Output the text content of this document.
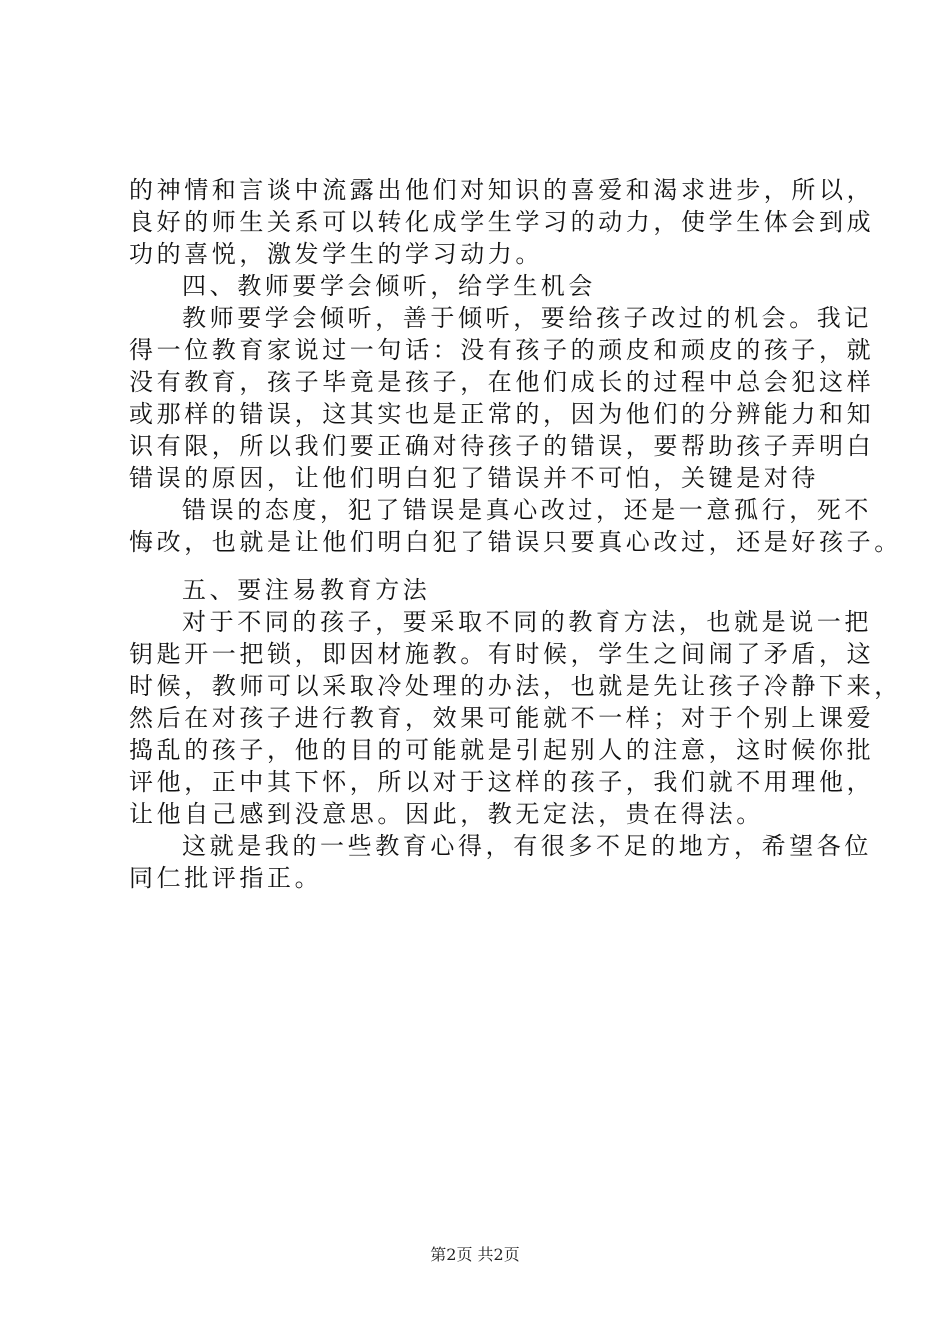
的神情和言谈中流露出他们对知识的喜爱和渴求进步，所以，
良好的师生关系可以转化成学生学习的动力，使学生体会到成
功的喜悦，激发学生的学习动力。
四、教师要学会倾听，给学生机会
教师要学会倾听，善于倾听，要给孩子改过的机会。我记
得一位教育家说过一句话：没有孩子的顽皮和顽皮的孩子，就
没有教育，孩子毕竟是孩子，在他们成长的过程中总会犯这样
或那样的错误，这其实也是正常的，因为他们的分辨能力和知
识有限，所以我们要正确对待孩子的错误，要帮助孩子弄明白
错误的原因，让他们明白犯了错误并不可怕，关键是对待
错误的态度，犯了错误是真心改过，还是一意孤行，死不
悔改，也就是让他们明白犯了错误只要真心改过，还是好孩子。
五、要注易教育方法
对于不同的孩子，要采取不同的教育方法，也就是说一把
钥匙开一把锁，即因材施教。有时候，学生之间闹了矛盾，这
时候，教师可以采取冷处理的办法，也就是先让孩子冷静下来，
然后在对孩子进行教育，效果可能就不一样；对于个别上课爱
捣乱的孩子，他的目的可能就是引起别人的注意，这时候你批
评他，正中其下怀，所以对于这样的孩子，我们就不用理他，
让他自己感到没意思。因此，教无定法，贵在得法。
这就是我的一些教育心得，有很多不足的地方，希望各位
同仁批评指正。
第2页 共2页
